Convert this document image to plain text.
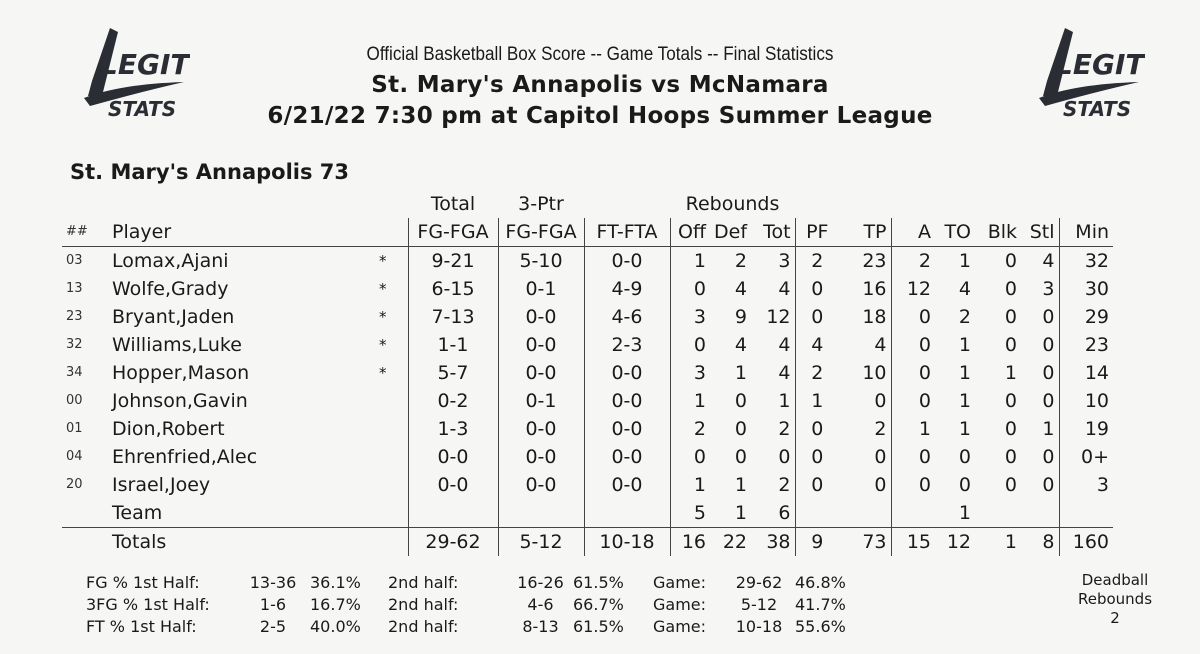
LEGIT
STATS
LEGIT
STATS
Official Basketball Box Score -- Game Totals -- Final Statistics
St. Mary's Annapolis vs McNamara
6/21/22 7:30 pm at Capitol Hoops Summer League
St. Mary's Annapolis 73
			Total	3-Ptr		Rebounds									
##	Player		FG-FGA	FG-FGA	FT-FTA	Off	Def	Tot	PF	TP	A	TO	Blk	Stl	Min
03	Lomax,Ajani	*	9-21	5-10	0-0	1	2	3	2	23	2	1	0	4	32
13	Wolfe,Grady	*	6-15	0-1	4-9	0	4	4	0	16	12	4	0	3	30
23	Bryant,Jaden	*	7-13	0-0	4-6	3	9	12	0	18	0	2	0	0	29
32	Williams,Luke	*	1-1	0-0	2-3	0	4	4	4	4	0	1	0	0	23
34	Hopper,Mason	*	5-7	0-0	0-0	3	1	4	2	10	0	1	1	0	14
00	Johnson,Gavin		0-2	0-1	0-0	1	0	1	1	0	0	1	0	0	10
01	Dion,Robert		1-3	0-0	0-0	2	0	2	0	2	1	1	0	1	19
04	Ehrenfried,Alec		0-0	0-0	0-0	0	0	0	0	0	0	0	0	0	0+
20	Israel,Joey		0-0	0-0	0-0	1	1	2	0	0	0	0	0	0	3
	Team					5	1	6				1			
	Totals		29-62	5-12	10-18	16	22	38	9	73	15	12	1	8	160
FG % 1st Half:	13-36 36.1%	2nd half:	16-26 61.5%	Game:	29-62 46.8%
3FG % 1st Half:	1-6	16.7%	2nd half:	4-6	66.7%	Game:	5-12	41.7%
FT % 1st Half:	2-5	40.0%	2nd half:	8-13 61.5%	Game:	10-18 55.6%
Deadball
Rebounds
2
